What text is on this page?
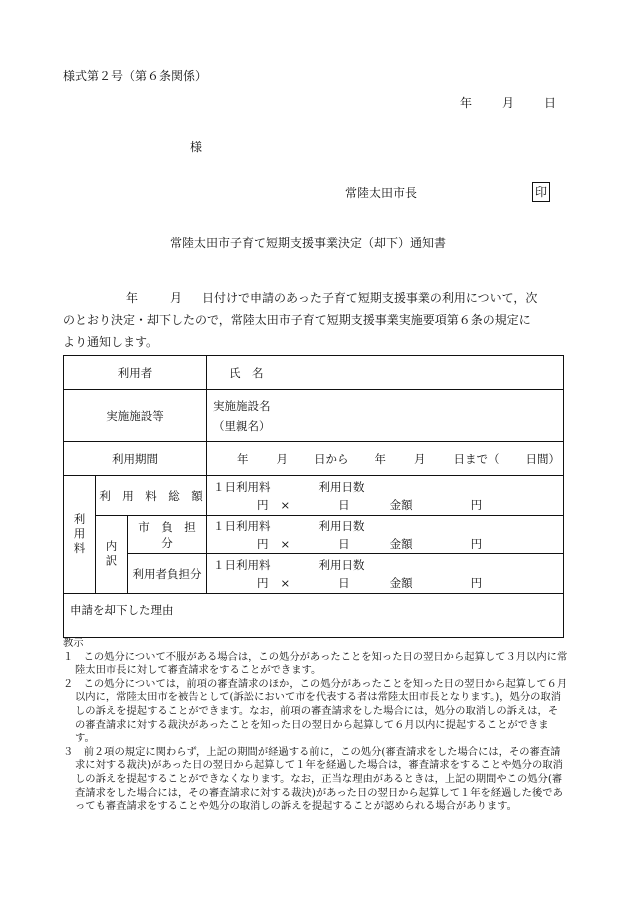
様式第２号（第６条関係）
年	月	日
様
常陸太田市長	印
常陸太田市子育て短期支援事業決定（却下）通知書
年	月 日付けで申請のあった子育て短期支援事業の利用について，次
のとおり決定・却下したので，常陸太田市子育て短期支援事業実施要項第６条の規定に
より通知します。
利用者			氏　名
実施施設等			実施施設名
（里親名）

利用期間			年 月 日から 年 月 日まで（ 日間）

利用料	利　用　料　総　額		１日利用料 利用日数
円 × 日 金額 円

	内訳	市　負　担　分	１日利用料 利用日数
円 × 日 金額 円

		利用者負担分	１日利用料 利用日数
円 × 日 金額 円

申請を却下した理由			

教示

１　この処分について不服がある場合は，この処分があったことを知った日の翌日から起算して３月以内に常陸太田市長に対して審査請求をすることができます。

２　この処分については，前項の審査請求のほか，この処分があったことを知った日の翌日から起算して６月以内に，常陸太田市を被告として(訴訟において市を代表する者は常陸太田市長となります。)，処分の取消しの訴えを提起することができます。なお，前項の審査請求をした場合には，処分の取消しの訴えは，その審査請求に対する裁決があったことを知った日の翌日から起算して６月以内に提起することができます。

３　前２項の規定に関わらず，上記の期間が経過する前に，この処分(審査請求をした場合には，その審査請求に対する裁決)があった日の翌日から起算して１年を経過した場合は，審査請求をすることや処分の取消しの訴えを提起することができなくなります。なお，正当な理由があるときは，上記の期間やこの処分(審査請求をした場合には，その審査請求に対する裁決)があった日の翌日から起算して１年を経過した後であっても審査請求をすることや処分の取消しの訴えを提起することが認められる場合があります。
